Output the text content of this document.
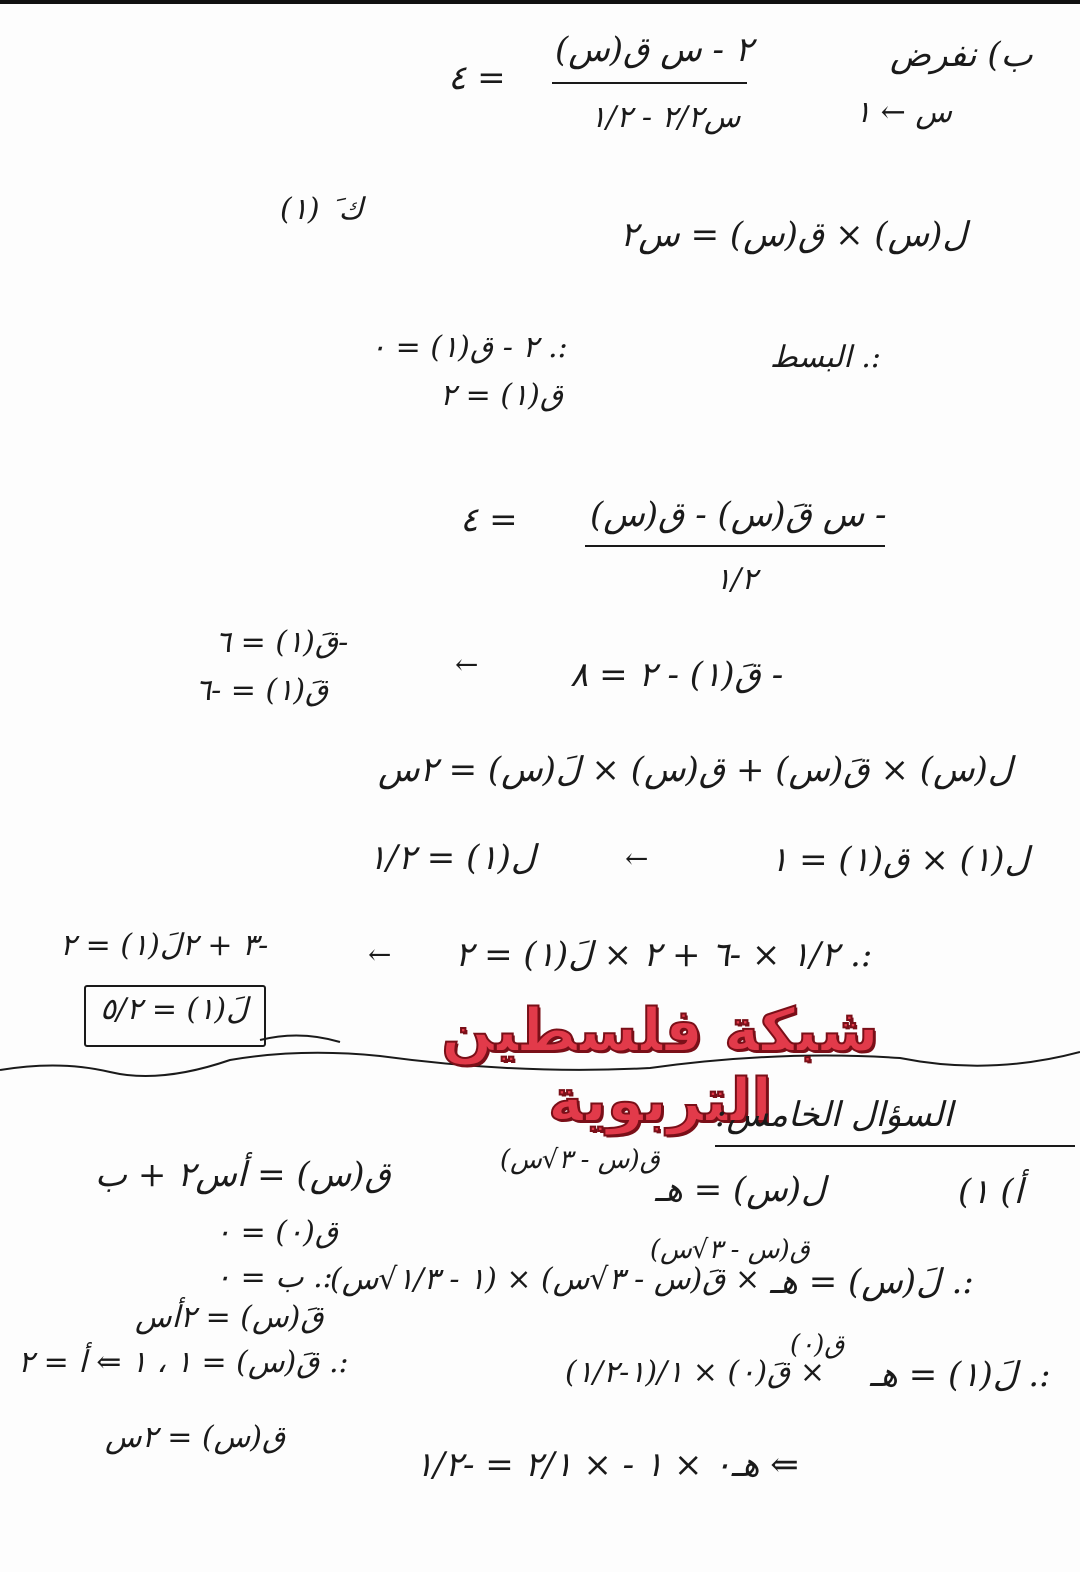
ب) نفرض
س ← ١
٢ - س ق(س)
س٢/٢ - ١/٢
= ٤
ك َ (١)
ل(س) × ق(س) = س٢
:. البسط
:. ٢ - ق(١) = ٠
ق(١) = ٢
- س قَ(س) - ق(س)
١/٢
= ٤
- قَ(١) - ٢ = ٨
←
-قَ(١) = ٦
قَ(١) = -٦
ل(س) × قَ(س) + ق(س) × لَ(س) = ٢س
ل(١) × ق(١) = ١
←
ل(١) = ١/٢
:. ١/٢ × -٦ + ٢ × لَ(١) = ٢
←
-٣ + ٢لَ(١) = ٢
لَ(١) = ٥/٢	شبكة فلسطين التربوية
السؤال الخامس:
أ) ١)
ل(س) = هـ
ق(س - ٣√س)
ق(س) = أس٢ + ب
ق(٠) = ٠
:. ب = ٠
قَ(س) = ٢أس
:. قَ(س) = ١ ، ١ ⇐ أ = ٢
ق(س) = ٢س
:. لَ(س) = هـ
ق(س - ٣√س)
× قَ(س - ٣√س) × (١ - ١/٣√س)
:. لَ(١) = هـ
ق(٠)
× قَ(٠) × ١/(١-١/٢)
⇐ هـ٠ × ١ - × ٢/١ = -١/٢
